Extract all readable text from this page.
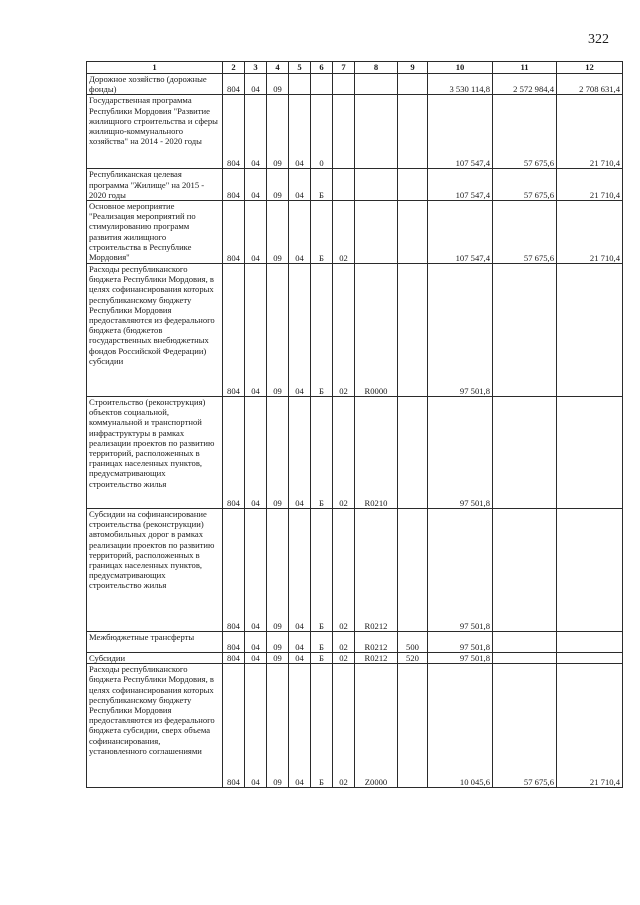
322
1	2	3	4	5	6	7	8	9	10	11	12
Дорожное хозяйство (дорожные фонды)	804	04	09						3 530 114,8	2 572 984,4	2 708 631,4
Государственная программа Республики Мордовия "Развитие жилищного строительства и сферы жилищно-коммунального хозяйства" на 2014 - 2020 годы	804	04	09	04	0				107 547,4	57 675,6	21 710,4
Республиканская целевая программа "Жилище" на 2015 - 2020 годы	804	04	09	04	Б				107 547,4	57 675,6	21 710,4
Основное мероприятие "Реализация мероприятий по стимулированию программ развития жилищного строительства в Республике Мордовия"	804	04	09	04	Б	02			107 547,4	57 675,6	21 710,4
Расходы республиканского бюджета Республики Мордовия, в целях софинансирования которых республиканскому бюджету Республики Мордовия предоставляются из федерального бюджета (бюджетов государственных внебюджетных фондов Российской Федерации) субсидии	804	04	09	04	Б	02	R0000		97 501,8		
Строительство (реконструкция) объектов социальной, коммунальной и транспортной инфраструктуры в рамках реализации проектов по развитию территорий, расположенных в границах населенных пунктов, предусматривающих строительство жилья	804	04	09	04	Б	02	R0210		97 501,8		
Субсидии на софинансирование строительства (реконструкции) автомобильных дорог в рамках реализации проектов по развитию территорий, расположенных в границах населенных пунктов, предусматривающих строительство жилья	804	04	09	04	Б	02	R0212		97 501,8		
Межбюджетные трансферты	804	04	09	04	Б	02	R0212	500	97 501,8		
Субсидии	804	04	09	04	Б	02	R0212	520	97 501,8		
Расходы республиканского бюджета Республики Мордовия, в целях софинансирования которых республиканскому бюджету Республики Мордовия предоставляются из федерального бюджета субсидии, сверх объема софинансирования, установленного соглашениями	804	04	09	04	Б	02	Z0000		10 045,6	57 675,6	21 710,4
